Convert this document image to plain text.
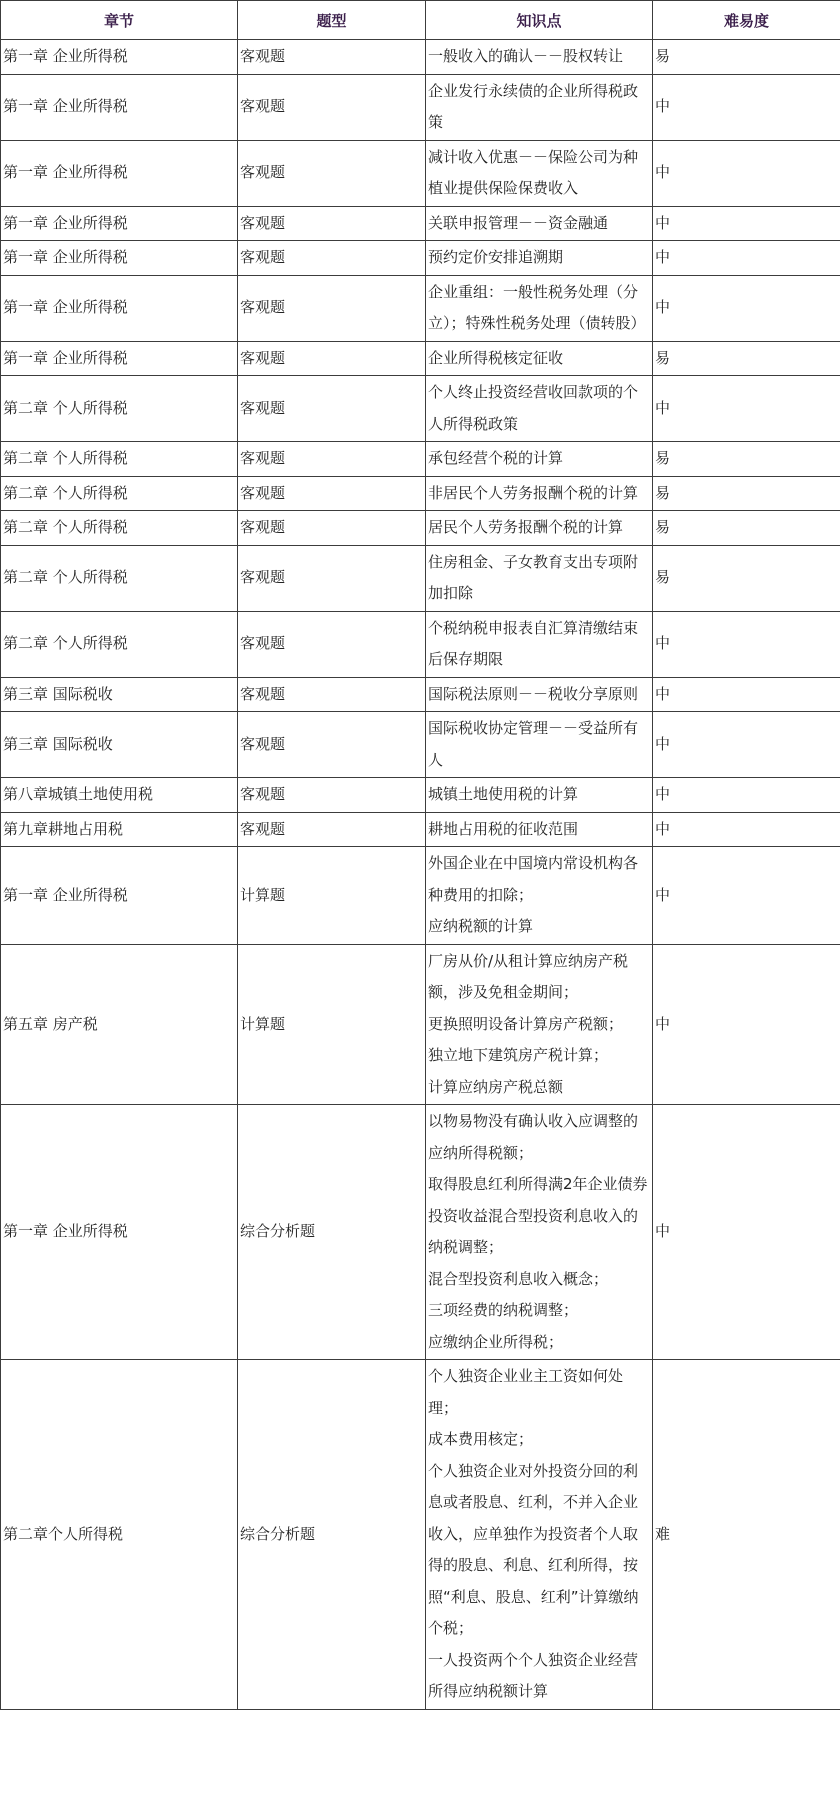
章节	题型	知识点	难易度
第一章 企业所得税	客观题	一般收入的确认－－股权转让	易
第一章 企业所得税	客观题	企业发行永续债的企业所得税政策	中
第一章 企业所得税	客观题	减计收入优惠－－保险公司为种植业提供保险保费收入	中
第一章 企业所得税	客观题	关联申报管理－－资金融通	中
第一章 企业所得税	客观题	预约定价安排追溯期	中
第一章 企业所得税	客观题	企业重组：一般性税务处理（分立）；特殊性税务处理（债转股）	中
第一章 企业所得税	客观题	企业所得税核定征收	易
第二章 个人所得税	客观题	个人终止投资经营收回款项的个人所得税政策	中
第二章 个人所得税	客观题	承包经营个税的计算	易
第二章 个人所得税	客观题	非居民个人劳务报酬个税的计算	易
第二章 个人所得税	客观题	居民个人劳务报酬个税的计算	易
第二章 个人所得税	客观题	住房租金、子女教育支出专项附加扣除	易
第二章 个人所得税	客观题	个税纳税申报表自汇算清缴结束后保存期限	中
第三章 国际税收	客观题	国际税法原则－－税收分享原则	中
第三章 国际税收	客观题	国际税收协定管理－－受益所有人	中
第八章城镇土地使用税	客观题	城镇土地使用税的计算	中
第九章耕地占用税	客观题	耕地占用税的征收范围	中
第一章 企业所得税	计算题	外国企业在中国境内常设机构各种费用的扣除；
应纳税额的计算	中
第五章 房产税	计算题	厂房从价/从租计算应纳房产税额，涉及免租金期间；
更换照明设备计算房产税额；
独立地下建筑房产税计算；
计算应纳房产税总额	中
第一章 企业所得税	综合分析题	以物易物没有确认收入应调整的应纳所得税额；
取得股息红利所得满2年企业债券投资收益混合型投资利息收入的纳税调整；
混合型投资利息收入概念；
三项经费的纳税调整；
应缴纳企业所得税；	中
第二章个人所得税	综合分析题	个人独资企业业主工资如何处理；
成本费用核定；
个人独资企业对外投资分回的利息或者股息、红利，不并入企业收入，应单独作为投资者个人取得的股息、利息、红利所得，按照“利息、股息、红利”计算缴纳个税；
一人投资两个个人独资企业经营所得应纳税额计算	难
